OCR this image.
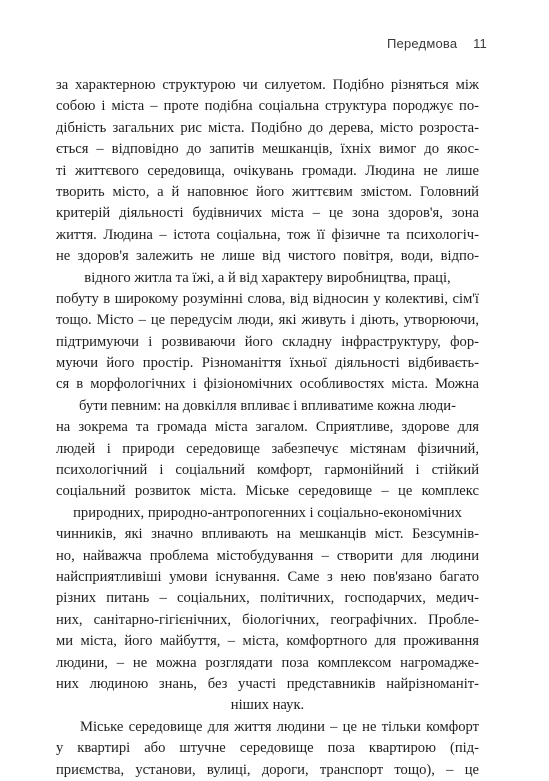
Передмова 11
за характерною структурою чи силуетом. Подібно різняться між
собою і міста – проте подібна соціальна структура породжує по-
дібність загальних рис міста. Подібно до дерева, місто розроста-
ється – відповідно до запитів мешканців, їхніх вимог до якос-
ті життєвого середовища, очікувань громади. Людина не лише
творить місто, а й наповнює його життєвим змістом. Головний
критерій діяльності будівничих міста – це зона здоров'я, зона
життя. Людина – істота соціальна, тож її фізичне та психологіч-
не здоров'я залежить не лише від чистого повітря, води, відпо-
відного житла та їжі, а й від характеру виробництва, праці,
побуту в широкому розумінні слова, від відносин у колективі, сім'ї
тощо. Місто – це передусім люди, які живуть і діють, утворюючи,
підтримуючи і розвиваючи його складну інфраструктуру, фор-
муючи його простір. Різноманіття їхньої діяльності відбиваєть-
ся в морфологічних і фізіономічних особливостях міста. Можна
бути певним: на довкілля впливає і впливатиме кожна люди-
на зокрема та громада міста загалом. Сприятливе, здорове для
людей і природи середовище забезпечує містянам фізичний,
психологічний і соціальний комфорт, гармонійний і стійкий
соціальний розвиток міста. Міське середовище – це комплекс
природних, природно-антропогенних і соціально-економічних
чинників, які значно впливають на мешканців міст. Безсумнів-
но, найважча проблема містобудування – створити для людини
найсприятливіші умови існування. Саме з нею пов'язано багато
різних питань – соціальних, політичних, господарчих, медич-
них, санітарно-гігієнічних, біологічних, географічних. Пробле-
ми міста, його майбуття, – міста, комфортного для проживання
людини, – не можна розглядати поза комплексом нагромадже-
них людиною знань, без участі представників найрізноманіт-
ніших наук.
Міське середовище для життя людини – це не тільки комфорт
у квартирі або штучне середовище поза квартирою (під-
приємства, установи, вулиці, дороги, транспорт тощо), – це
